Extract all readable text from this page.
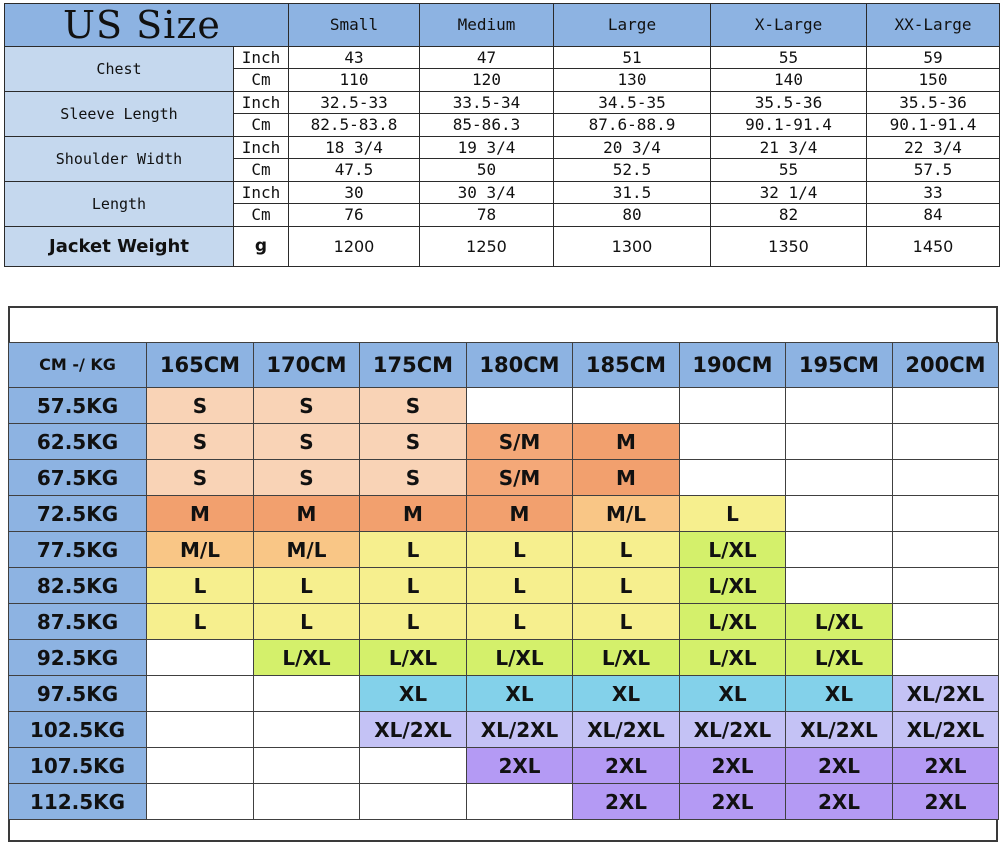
US Size		Small	Medium	Large	X-Large	XX-Large
Chest	Inch	43	47	51	55	59
	Cm	110	120	130	140	150
Sleeve Length	Inch	32.5-33	33.5-34	34.5-35	35.5-36	35.5-36
	Cm	82.5-83.8	85-86.3	87.6-88.9	90.1-91.4	90.1-91.4
Shoulder Width	Inch	18 3/4	19 3/4	20 3/4	21 3/4	22 3/4
	Cm	47.5	50	52.5	55	57.5
Length	Inch	30	30 3/4	31.5	32 1/4	33
	Cm	76	78	80	82	84
Jacket Weight	g	1200	1250	1300	1350	1450
CM -/ KG	165CM	170CM	175CM	180CM	185CM	190CM	195CM	200CM
57.5KG	S	S	S					
62.5KG	S	S	S	S/M	M			
67.5KG	S	S	S	S/M	M			
72.5KG	M	M	M	M	M/L	L		
77.5KG	M/L	M/L	L	L	L	L/XL		
82.5KG	L	L	L	L	L	L/XL		
87.5KG	L	L	L	L	L	L/XL	L/XL	
92.5KG		L/XL	L/XL	L/XL	L/XL	L/XL	L/XL	
97.5KG			XL	XL	XL	XL	XL	XL/2XL
102.5KG			XL/2XL	XL/2XL	XL/2XL	XL/2XL	XL/2XL	XL/2XL
107.5KG				2XL	2XL	2XL	2XL	2XL
112.5KG					2XL	2XL	2XL	2XL
